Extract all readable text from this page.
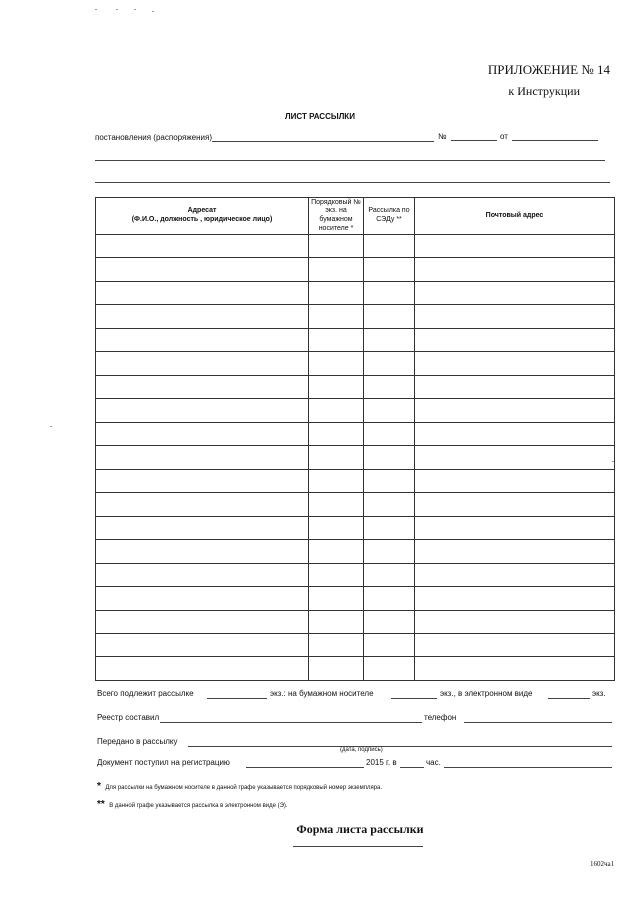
ПРИЛОЖЕНИЕ № 14
к Инструкции
ЛИСТ РАССЫЛКИ
постановления (распоряжения)	№	от
Адресат
(Ф.И.О., должность , юридическое лицо)	Порядковый № экз. на бумажном носителе *	Рассылка по СЭДу **	Почтовый адрес

Всего подлежит рассылке	экз.: на бумажном носителе	экз., в электронном виде	экз.
Реестр составил	телефон
Передано в рассылку
(дата, подпись)
Документ поступил на регистрацию	2015 г. в	час.
* Для рассылки на бумажном носителе в данной графе указывается порядковый номер экземпляра.
** В данной графе указывается рассылка в электронном виде (Э).
Форма листа рассылки
1602ча1
